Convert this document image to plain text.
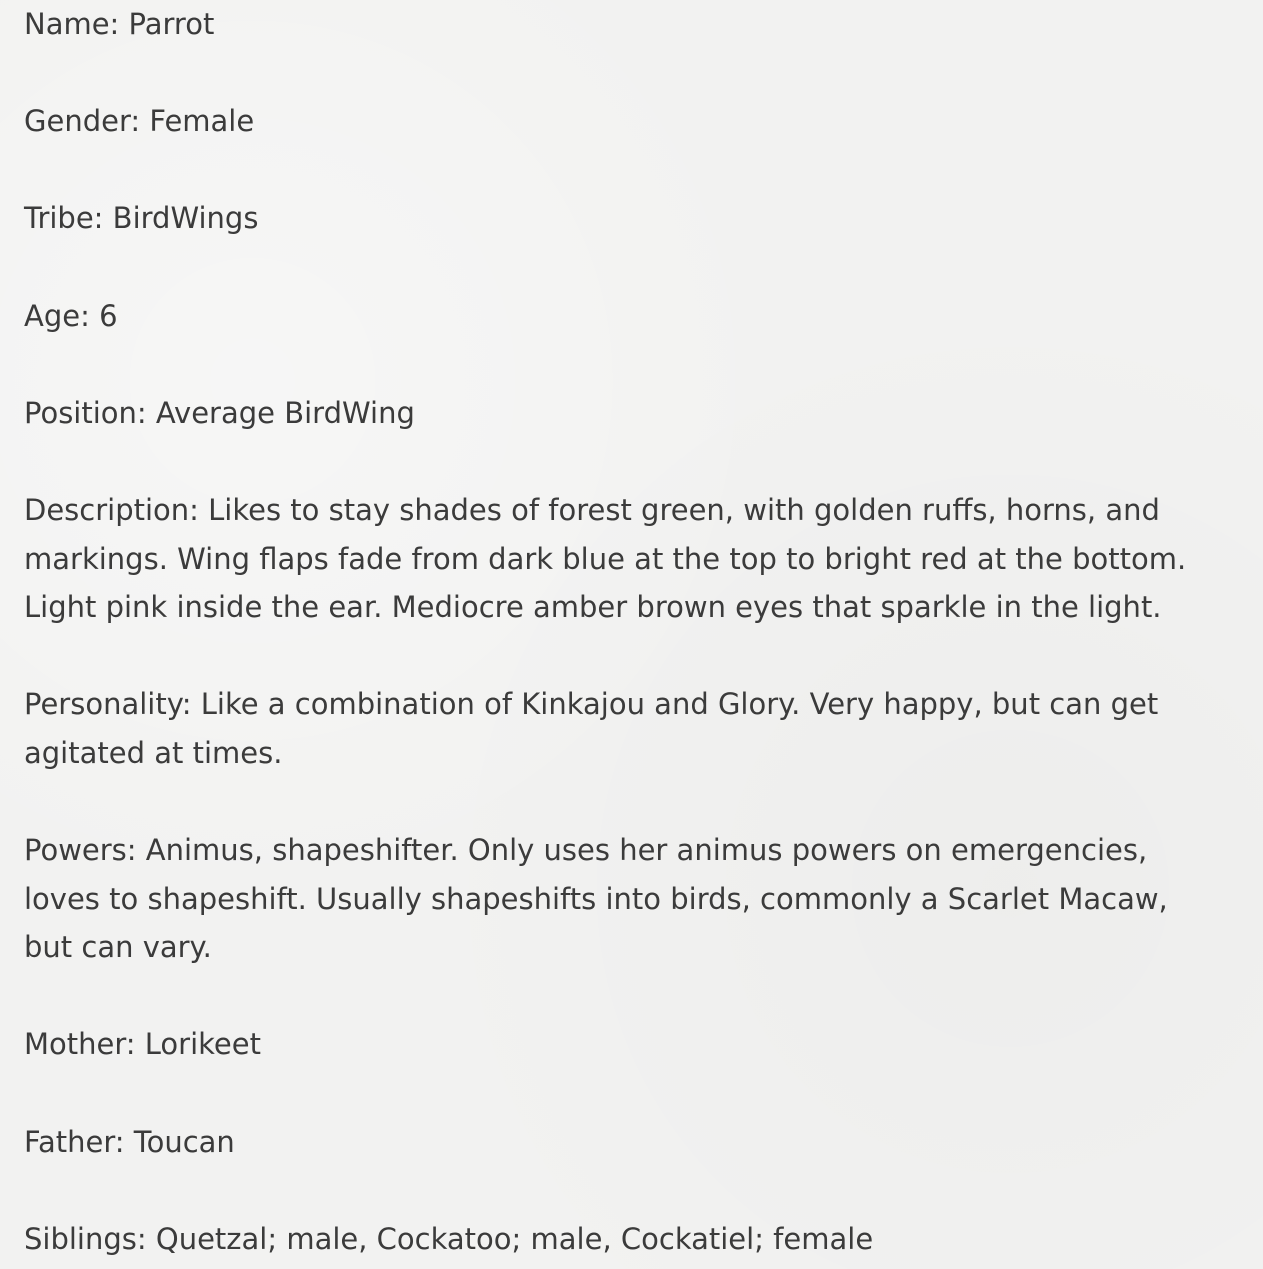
Name: Parrot

Gender: Female

Tribe: BirdWings

Age: 6

Position: Average BirdWing

Description: Likes to stay shades of forest green, with golden ruffs, horns, and

markings. Wing flaps fade from dark blue at the top to bright red at the bottom.

Light pink inside the ear. Mediocre amber brown eyes that sparkle in the light.

Personality: Like a combination of Kinkajou and Glory. Very happy, but can get

agitated at times.

Powers: Animus, shapeshifter. Only uses her animus powers on emergencies,

loves to shapeshift. Usually shapeshifts into birds, commonly a Scarlet Macaw,

but can vary.

Mother: Lorikeet

Father: Toucan

Siblings: Quetzal; male, Cockatoo; male, Cockatiel; female
